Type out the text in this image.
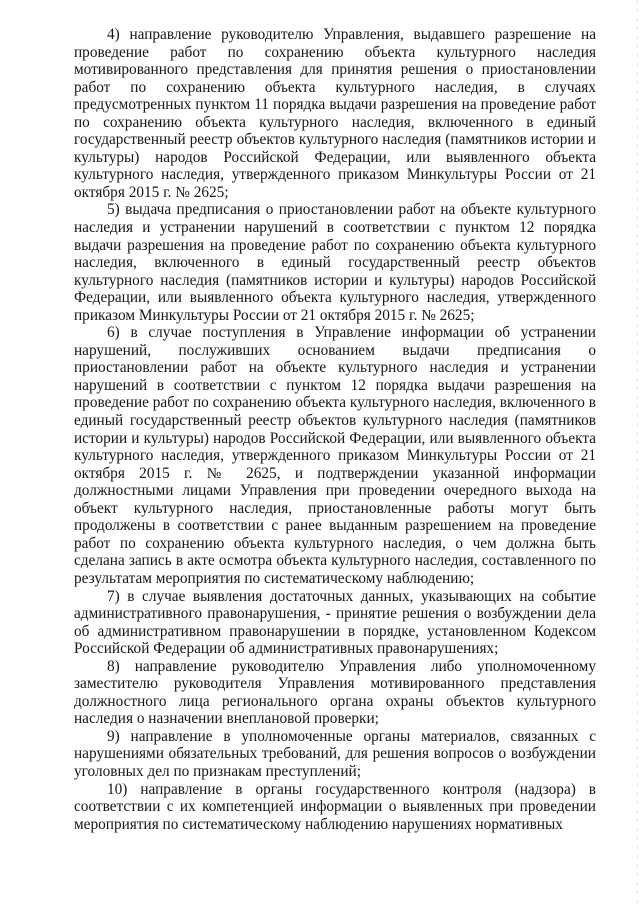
4) направление руководителю Управления, выдавшего разрешение на проведение работ по сохранению объекта культурного наследия мотивированного представления для принятия решения о приостановлении работ по сохранению объекта культурного наследия, в случаях предусмотренных пунктом 11 порядка выдачи разрешения на проведение работ по сохранению объекта культурного наследия, включенного в единый государственный реестр объектов культурного наследия (памятников истории и культуры) народов Российской Федерации, или выявленного объекта культурного наследия, утвержденного приказом Минкультуры России от 21 октября 2015 г. № 2625;

5) выдача предписания о приостановлении работ на объекте культурного наследия и устранении нарушений в соответствии с пунктом 12 порядка выдачи разрешения на проведение работ по сохранению объекта культурного наследия, включенного в единый государственный реестр объектов культурного наследия (памятников истории и культуры) народов Российской Федерации, или выявленного объекта культурного наследия, утвержденного приказом Минкультуры России от 21 октября 2015 г. № 2625;

6) в случае поступления в Управление информации об устранении нарушений, послуживших основанием выдачи предписания о приостановлении работ на объекте культурного наследия и устранении нарушений в соответствии с пунктом 12 порядка выдачи разрешения на проведение работ по сохранению объекта культурного наследия, включенного в единый государственный реестр объектов культурного наследия (памятников истории и культуры) народов Российской Федерации, или выявленного объекта культурного наследия, утвержденного приказом Минкультуры России от 21 октября 2015 г. № 2625, и подтверждении указанной информации должностными лицами Управления при проведении очередного выхода на объект культурного наследия, приостановленные работы могут быть продолжены в соответствии с ранее выданным разрешением на проведение работ по сохранению объекта культурного наследия, о чем должна быть сделана запись в акте осмотра объекта культурного наследия, составленного по результатам мероприятия по систематическому наблюдению;

7) в случае выявления достаточных данных, указывающих на событие административного правонарушения, - принятие решения о возбуждении дела об административном правонарушении в порядке, установленном Кодексом Российской Федерации об административных правонарушениях;

8) направление руководителю Управления либо уполномоченному заместителю руководителя Управления мотивированного представления должностного лица регионального органа охраны объектов культурного наследия о назначении внеплановой проверки;

9) направление в уполномоченные органы материалов, связанных с нарушениями обязательных требований, для решения вопросов о возбуждении уголовных дел по признакам преступлений;

10) направление в органы государственного контроля (надзора) в соответствии с их компетенцией информации о выявленных при проведении мероприятия по систематическому наблюдению нарушениях нормативных
